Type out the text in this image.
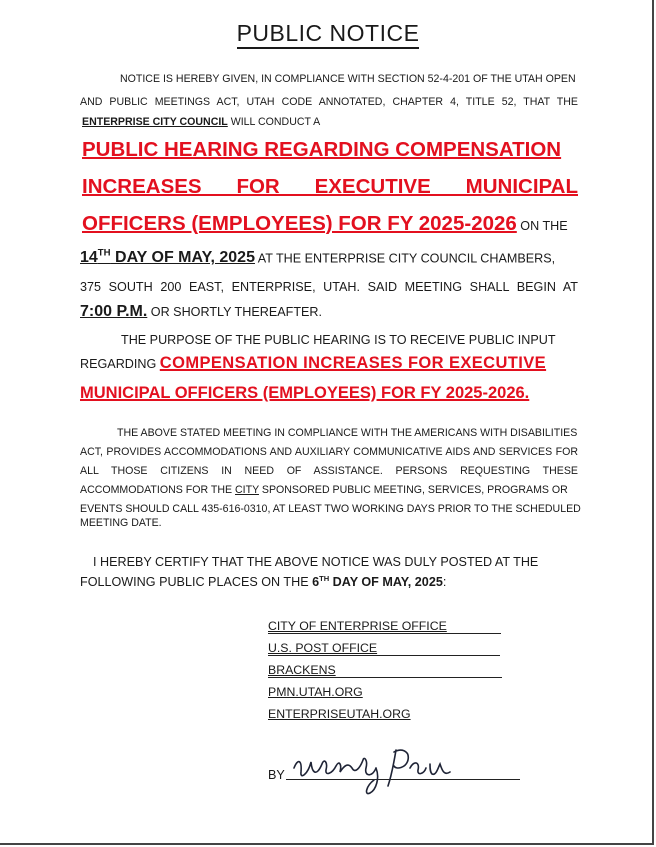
PUBLIC NOTICE
NOTICE IS HEREBY GIVEN, IN COMPLIANCE WITH SECTION 52-4-201 OF THE UTAH OPEN
AND PUBLIC MEETINGS ACT, UTAH CODE ANNOTATED, CHAPTER 4, TITLE 52, THAT THE
ENTERPRISE CITY COUNCIL WILL CONDUCT A
PUBLIC HEARING REGARDING COMPENSATION
INCREASES FOR EXECUTIVE MUNICIPAL
OFFICERS (EMPLOYEES) FOR FY 2025-2026 ON THE
14TH DAY OF MAY, 2025 AT THE ENTERPRISE CITY COUNCIL CHAMBERS,
375 SOUTH 200 EAST, ENTERPRISE, UTAH. SAID MEETING SHALL BEGIN AT
7:00 P.M. OR SHORTLY THEREAFTER.
THE PURPOSE OF THE PUBLIC HEARING IS TO RECEIVE PUBLIC INPUT
REGARDING COMPENSATION INCREASES FOR EXECUTIVE
MUNICIPAL OFFICERS (EMPLOYEES) FOR FY 2025-2026.
THE ABOVE STATED MEETING IN COMPLIANCE WITH THE AMERICANS WITH DISABILITIES
ACT, PROVIDES ACCOMMODATIONS AND AUXILIARY COMMUNICATIVE AIDS AND SERVICES FOR
ALL THOSE CITIZENS IN NEED OF ASSISTANCE. PERSONS REQUESTING THESE
ACCOMMODATIONS FOR THE CITY SPONSORED PUBLIC MEETING, SERVICES, PROGRAMS OR
EVENTS SHOULD CALL 435-616-0310, AT LEAST TWO WORKING DAYS PRIOR TO THE SCHEDULED
MEETING DATE.
I HEREBY CERTIFY THAT THE ABOVE NOTICE WAS DULY POSTED AT THE
FOLLOWING PUBLIC PLACES ON THE 6TH DAY OF MAY, 2025:
CITY OF ENTERPRISE OFFICE
U.S. POST OFFICE
BRACKENS
PMN.UTAH.ORG
ENTERPRISEUTAH.ORG
BY
